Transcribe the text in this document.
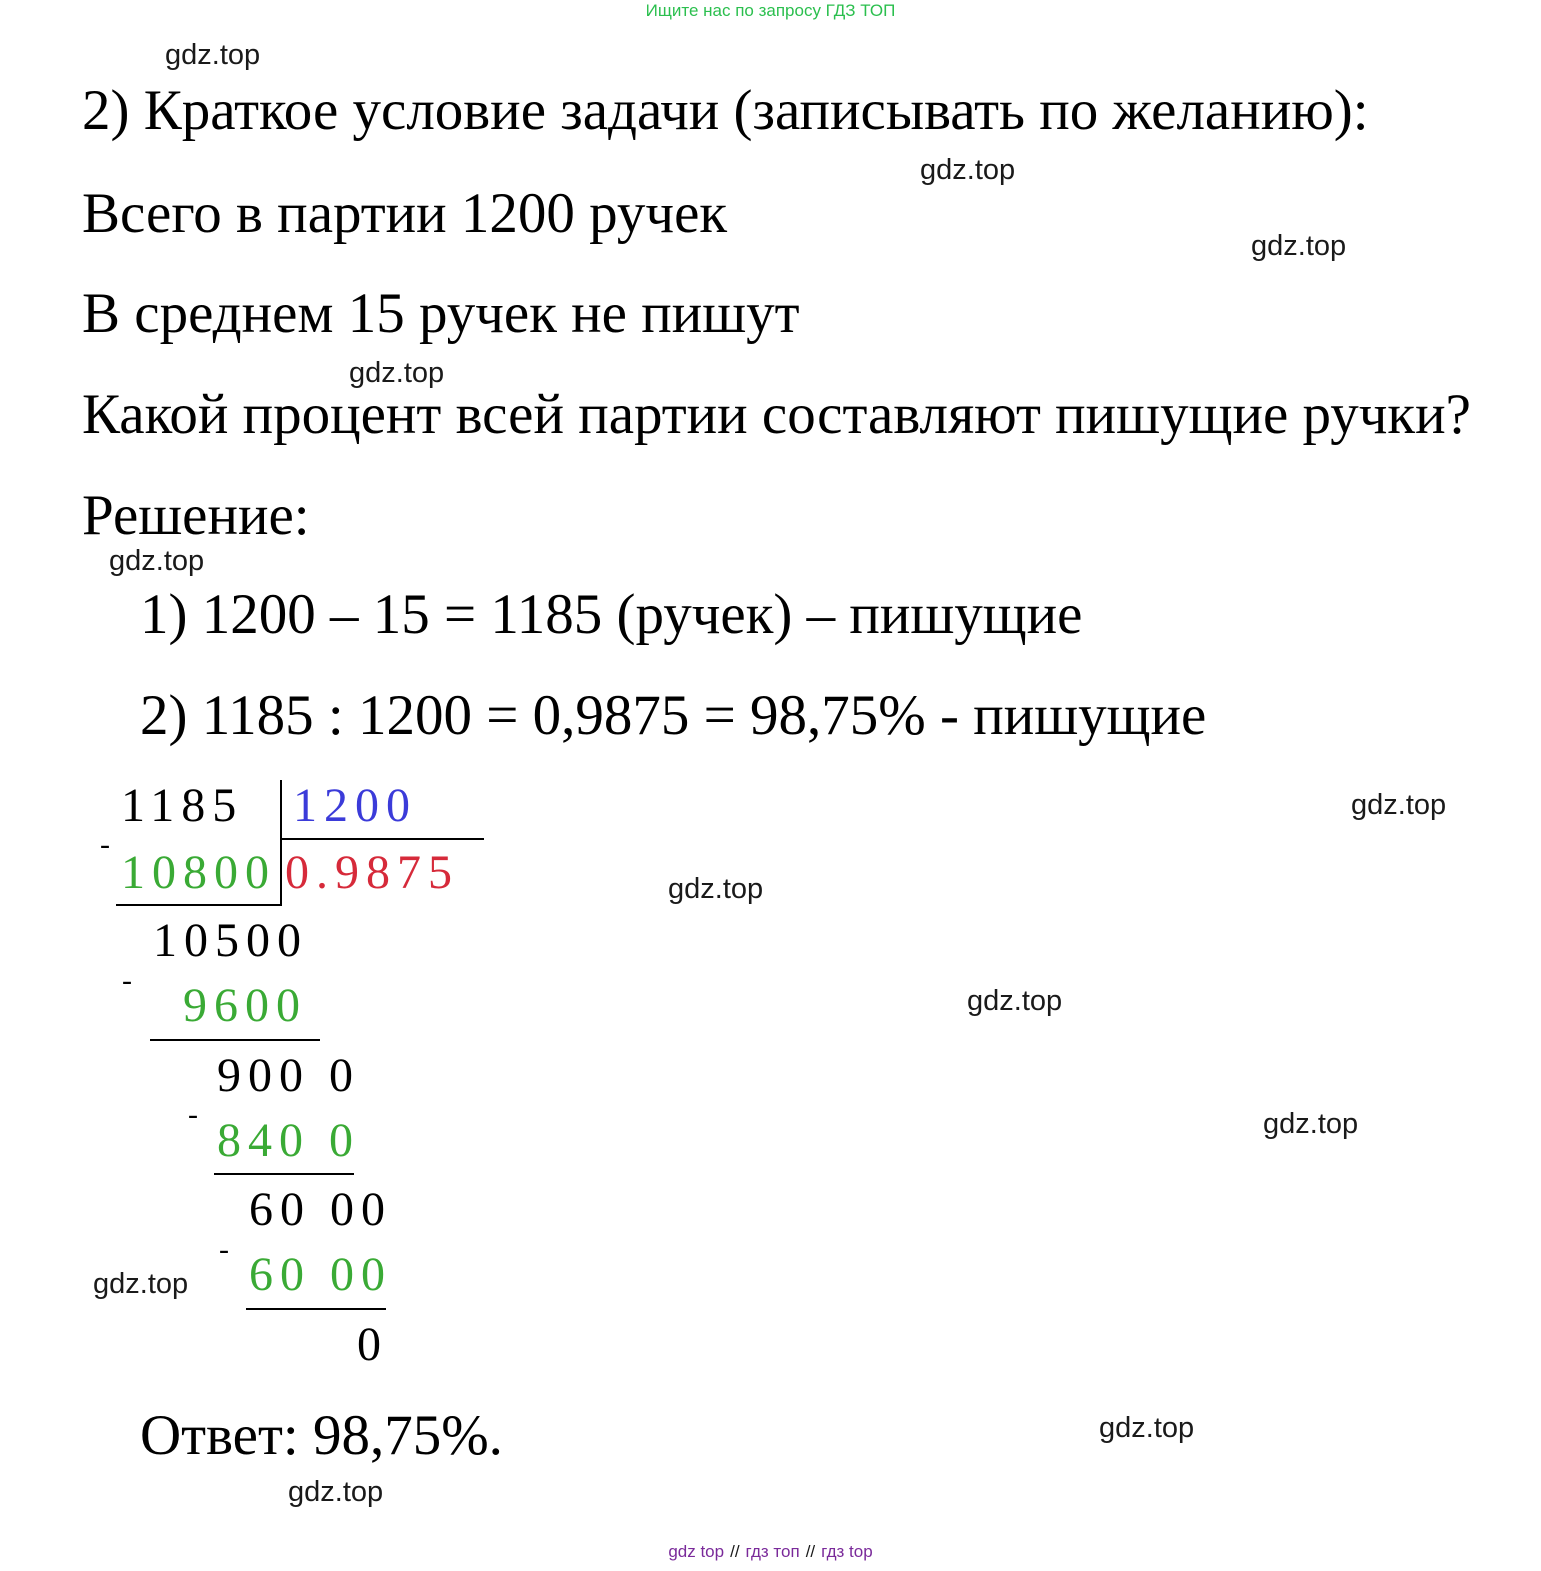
Ищите нас по запросу ГДЗ ТОП
gdz.top
gdz.top
gdz.top
gdz.top
gdz.top
gdz.top
gdz.top
gdz.top
gdz.top
gdz.top
gdz.top
gdz.top
2) Краткое условие задачи (записывать по желанию):
Всего в партии 1200 ручек
В среднем 15 ручек не пишут
Какой процент всей партии составляют пишущие ручки?
Решение:
1) 1200 – 15 = 1185 (ручек) – пишущие
2) 1185 : 1200 = 0,9875 = 98,75% - пишущие
1185 1200
-
10800 0.9875
10500
- 9600
900 0
- 840 0
60 00
- 60 00
0
Ответ: 98,75%.
gdz top // гдз топ // гдз top
